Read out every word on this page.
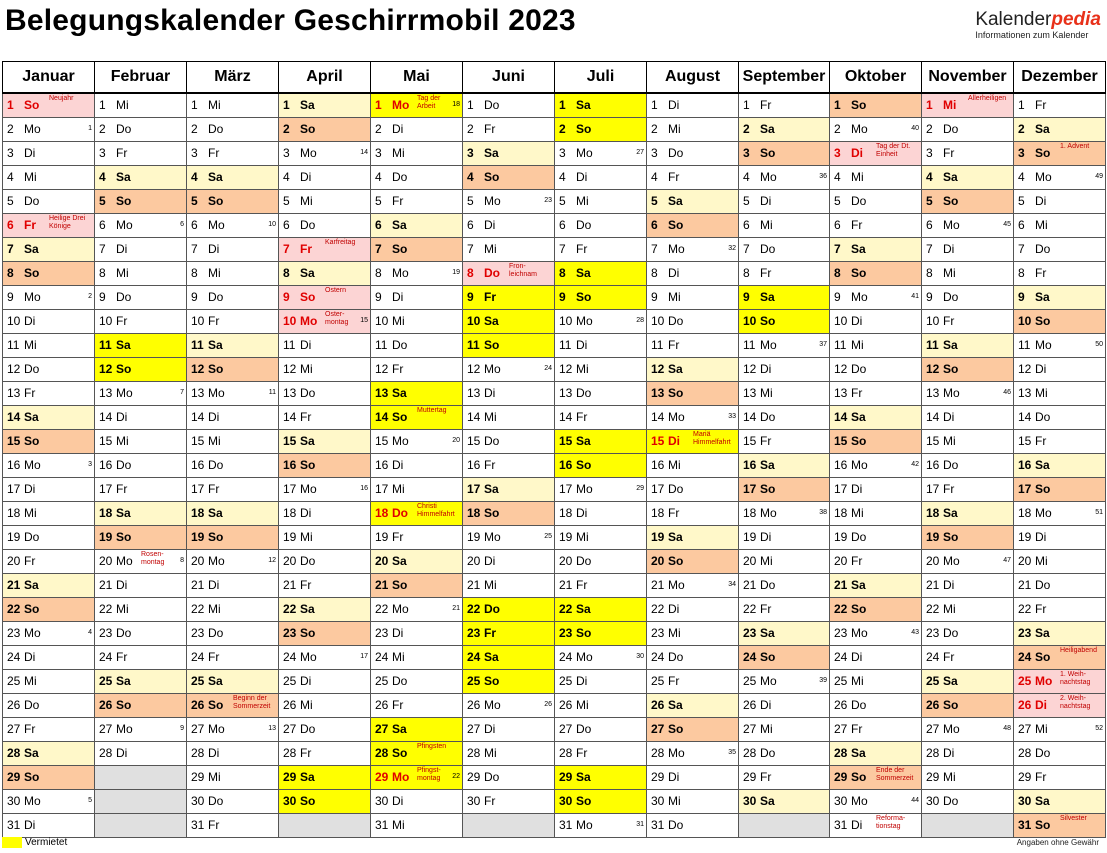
Belegungskalender Geschirrmobil 2023	Kalenderpedia
Informationen zum Kalender
Januar	Februar	März	April	Mai	Juni	Juli	August	September	Oktober	November	Dezember

1 So Neujahr	1 Mi	1 Mi	1 Sa	1 Mo Tag der Arbeit 18	1 Do	1 Sa	1 Di	1 Fr	1 So	1 Mi Allerheiligen	1 Fr

2 Mo 1	2 Do	2 Do	2 So	2 Di	2 Fr	2 So	2 Mi	2 Sa	2 Mo 40	2 Do	2 Sa

3 Di	3 Fr	3 Fr	3 Mo 14	3 Mi	3 Sa	3 Mo 27	3 Do	3 So	3 Di Tag der Dt. Einheit	3 Fr	3 So 1. Advent

4 Mi	4 Sa	4 Sa	4 Di	4 Do	4 So	4 Di	4 Fr	4 Mo 36	4 Mi	4 Sa	4 Mo 49

5 Do	5 So	5 So	5 Mi	5 Fr	5 Mo 23	5 Mi	5 Sa	5 Di	5 Do	5 So	5 Di

6 Fr Heilige Drei Könige	6 Mo 6	6 Mo 10	6 Do	6 Sa	6 Di	6 Do	6 So	6 Mi	6 Fr	6 Mo 45	6 Mi

7 Sa	7 Di	7 Di	7 Fr Karfreitag	7 So	7 Mi	7 Fr	7 Mo 32	7 Do	7 Sa	7 Di	7 Do

8 So	8 Mi	8 Mi	8 Sa	8 Mo 19	8 Do Fron-leichnam	8 Sa	8 Di	8 Fr	8 So	8 Mi	8 Fr

9 Mo 2	9 Do	9 Do	9 So Ostern	9 Di	9 Fr	9 So	9 Mi	9 Sa	9 Mo 41	9 Do	9 Sa

10 Di	10 Fr	10 Fr	10 Mo Oster-montag 15	10 Mi	10 Sa	10 Mo 28	10 Do	10 So	10 Di	10 Fr	10 So

11 Mi	11 Sa	11 Sa	11 Di	11 Do	11 So	11 Di	11 Fr	11 Mo 37	11 Mi	11 Sa	11 Mo 50

12 Do	12 So	12 So	12 Mi	12 Fr	12 Mo 24	12 Mi	12 Sa	12 Di	12 Do	12 So	12 Di

13 Fr	13 Mo 7	13 Mo 11	13 Do	13 Sa	13 Di	13 Do	13 So	13 Mi	13 Fr	13 Mo 46	13 Mi

14 Sa	14 Di	14 Di	14 Fr	14 So Muttertag	14 Mi	14 Fr	14 Mo 33	14 Do	14 Sa	14 Di	14 Do

15 So	15 Mi	15 Mi	15 Sa	15 Mo 20	15 Do	15 Sa	15 Di Mariä Himmelfahrt	15 Fr	15 So	15 Mi	15 Fr

16 Mo 3	16 Do	16 Do	16 So	16 Di	16 Fr	16 So	16 Mi	16 Sa	16 Mo 42	16 Do	16 Sa

17 Di	17 Fr	17 Fr	17 Mo 16	17 Mi	17 Sa	17 Mo 29	17 Do	17 So	17 Di	17 Fr	17 So

18 Mi	18 Sa	18 Sa	18 Di	18 Do Christi Himmelfahrt	18 So	18 Di	18 Fr	18 Mo 38	18 Mi	18 Sa	18 Mo 51

19 Do	19 So	19 So	19 Mi	19 Fr	19 Mo 25	19 Mi	19 Sa	19 Di	19 Do	19 So	19 Di

20 Fr	20 Mo Rosen-montag 8	20 Mo 12	20 Do	20 Sa	20 Di	20 Do	20 So	20 Mi	20 Fr	20 Mo 47	20 Mi

21 Sa	21 Di	21 Di	21 Fr	21 So	21 Mi	21 Fr	21 Mo 34	21 Do	21 Sa	21 Di	21 Do

22 So	22 Mi	22 Mi	22 Sa	22 Mo 21	22 Do	22 Sa	22 Di	22 Fr	22 So	22 Mi	22 Fr

23 Mo 4	23 Do	23 Do	23 So	23 Di	23 Fr	23 So	23 Mi	23 Sa	23 Mo 43	23 Do	23 Sa

24 Di	24 Fr	24 Fr	24 Mo 17	24 Mi	24 Sa	24 Mo 30	24 Do	24 So	24 Di	24 Fr	24 So Heiligabend

25 Mi	25 Sa	25 Sa	25 Di	25 Do	25 So	25 Di	25 Fr	25 Mo 39	25 Mi	25 Sa	25 Mo 1. Weih-nachtstag

26 Do	26 So	26 So Beginn der Sommerzeit	26 Mi	26 Fr	26 Mo 26	26 Mi	26 Sa	26 Di	26 Do	26 So	26 Di 2. Weih-nachtstag

27 Fr	27 Mo 9	27 Mo 13	27 Do	27 Sa	27 Di	27 Do	27 So	27 Mi	27 Fr	27 Mo 48	27 Mi 52

28 Sa	28 Di	28 Di	28 Fr	28 So Pfingsten	28 Mi	28 Fr	28 Mo 35	28 Do	28 Sa	28 Di	28 Do

29 So		29 Mi	29 Sa	29 Mo Pfingst-montag 22	29 Do	29 Sa	29 Di	29 Fr	29 So Ende der Sommerzeit	29 Mi	29 Fr

30 Mo 5		30 Do	30 So	30 Di	30 Fr	30 So	30 Mi	30 Sa	30 Mo 44	30 Do	30 Sa

31 Di		31 Fr		31 Mi		31 Mo 31	31 Do		31 Di Reforma-tionstag		31 So Silvester
Vermietet	Angaben ohne Gewähr
